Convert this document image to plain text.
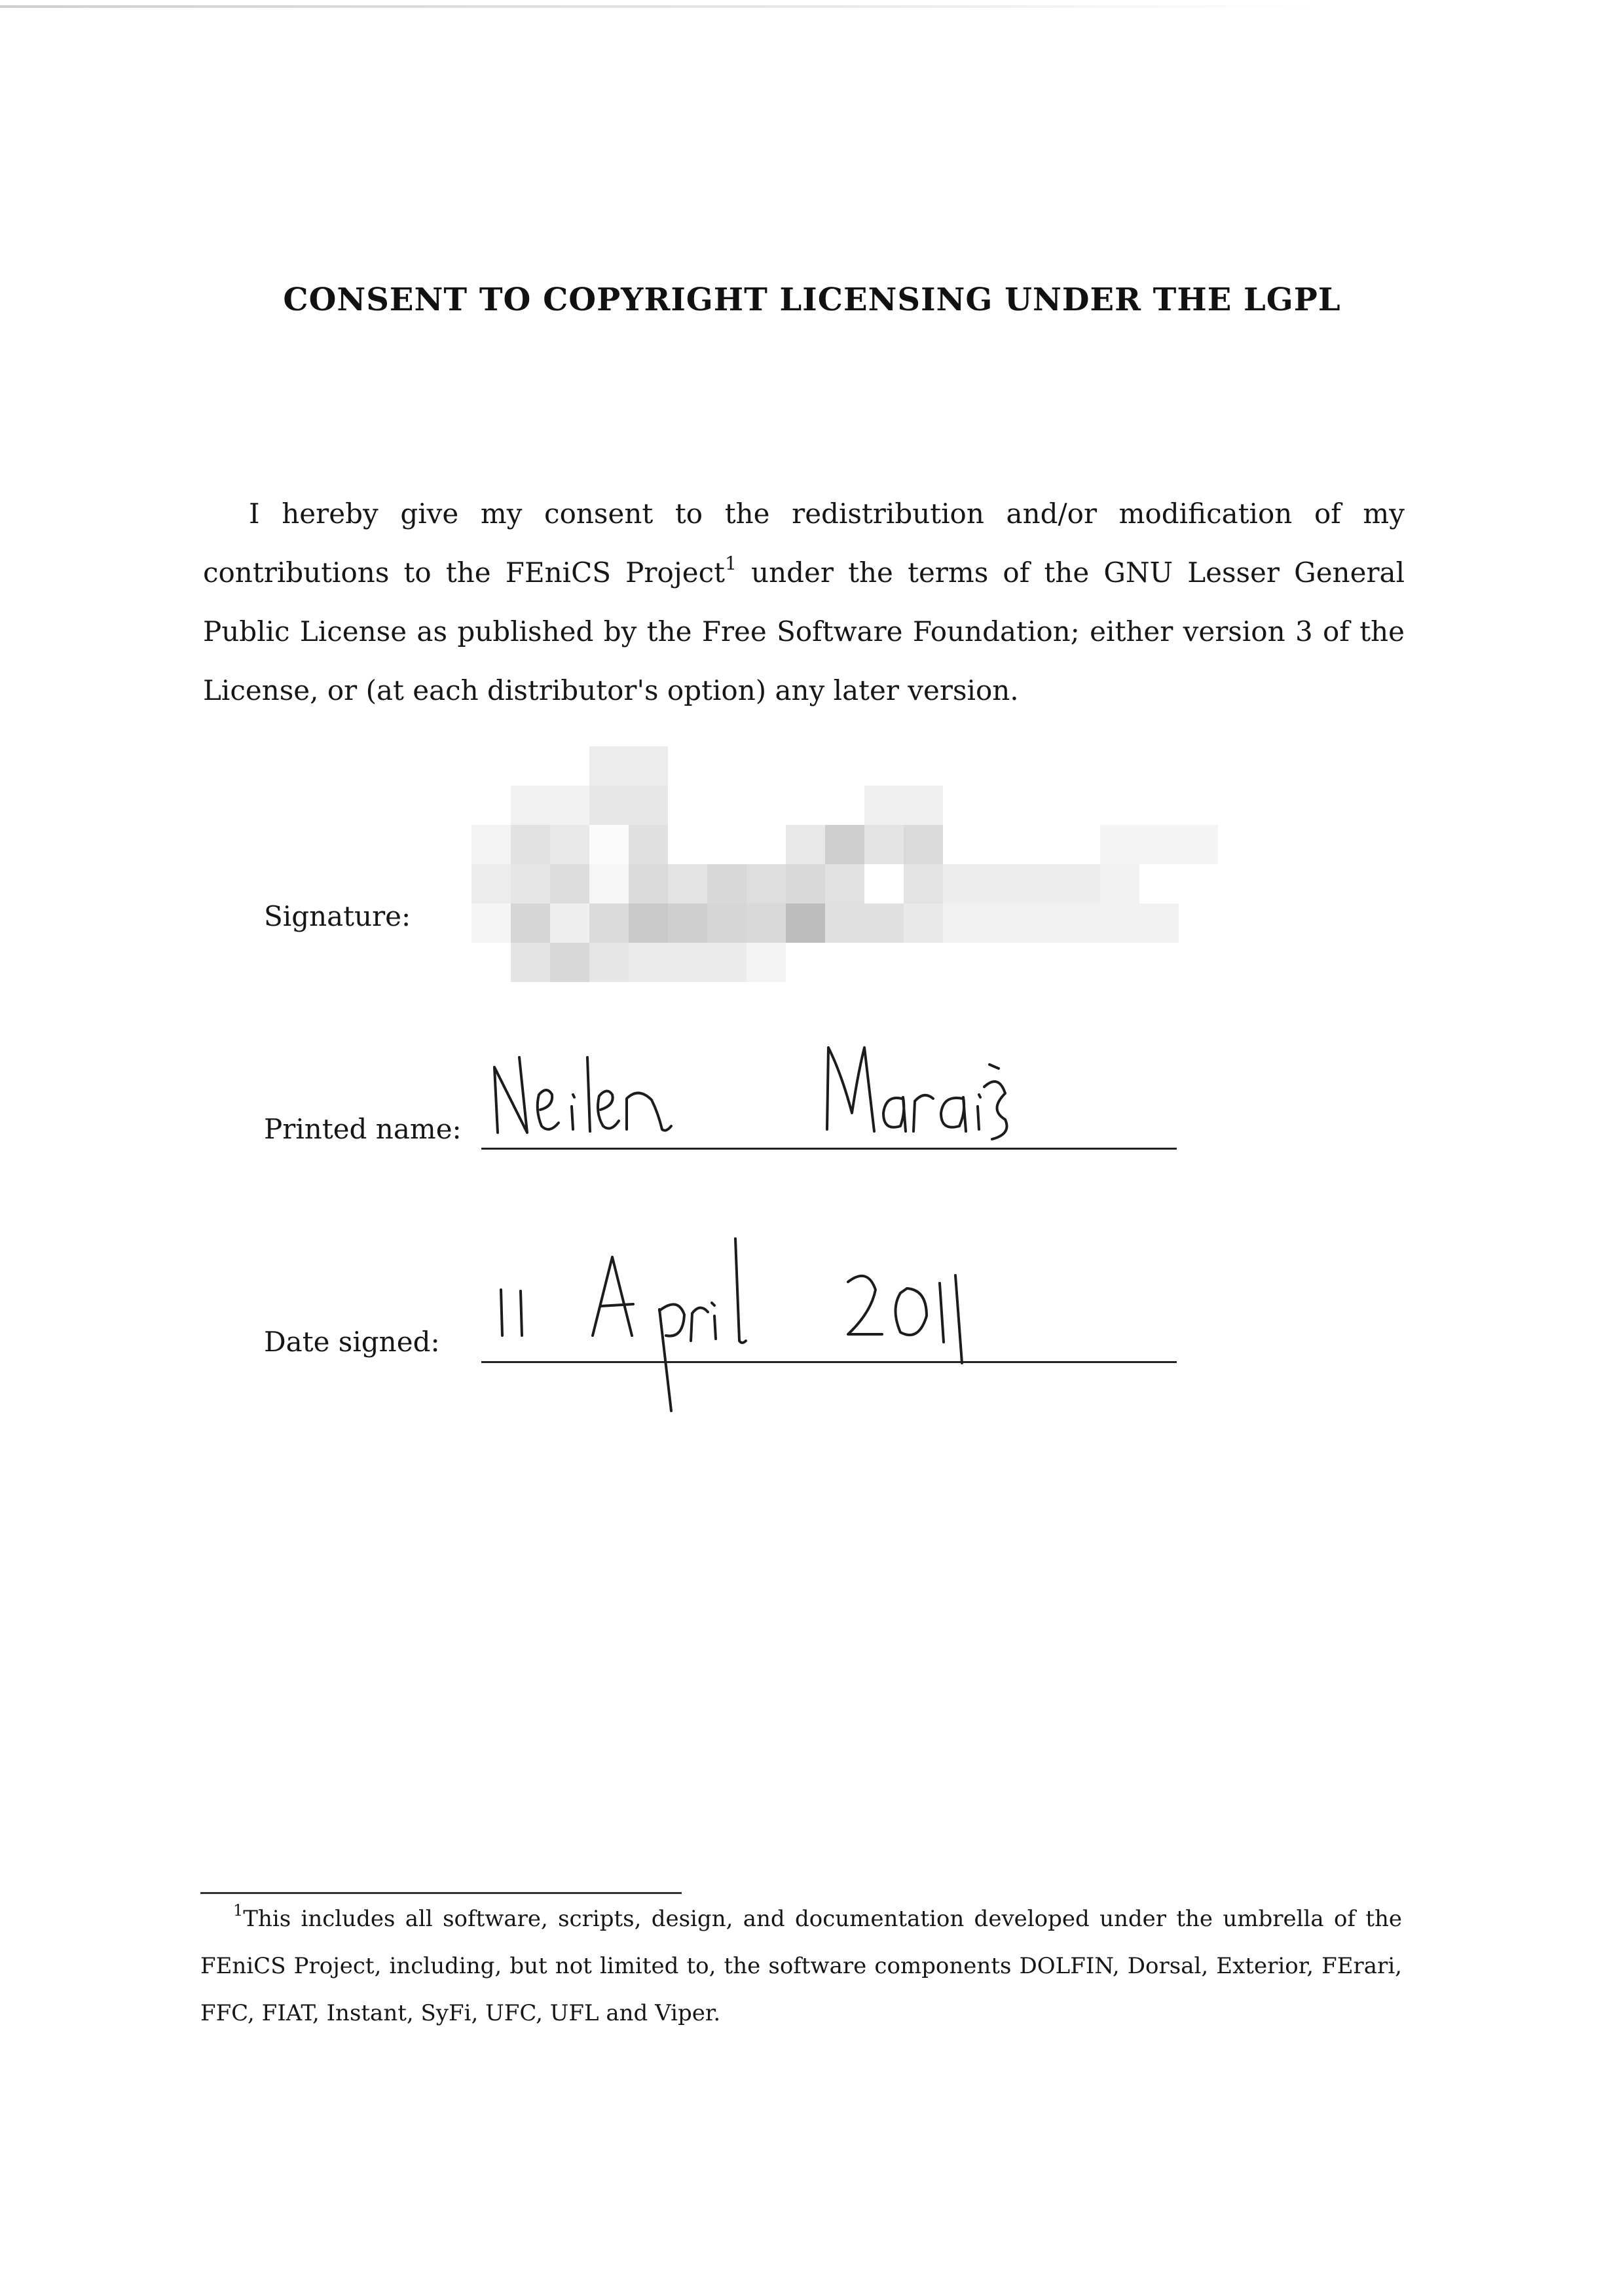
CONSENT TO COPYRIGHT LICENSING UNDER THE LGPL
I hereby give my consent to the redistribution and/or modification of my contributions to the FEniCS Project$^1$ under the terms of the GNU Lesser General Public License as published by the Free Software Foundation; either version 3 of the License, or (at each distributor's option) any later version.
Signature:
Printed name:
Date signed:
$^1$This includes all software, scripts, design, and documentation developed under the umbrella of the FEniCS Project, including, but not limited to, the software components DOLFIN, Dorsal, Exterior, FErari, FFC, FIAT, Instant, SyFi, UFC, UFL and Viper.
